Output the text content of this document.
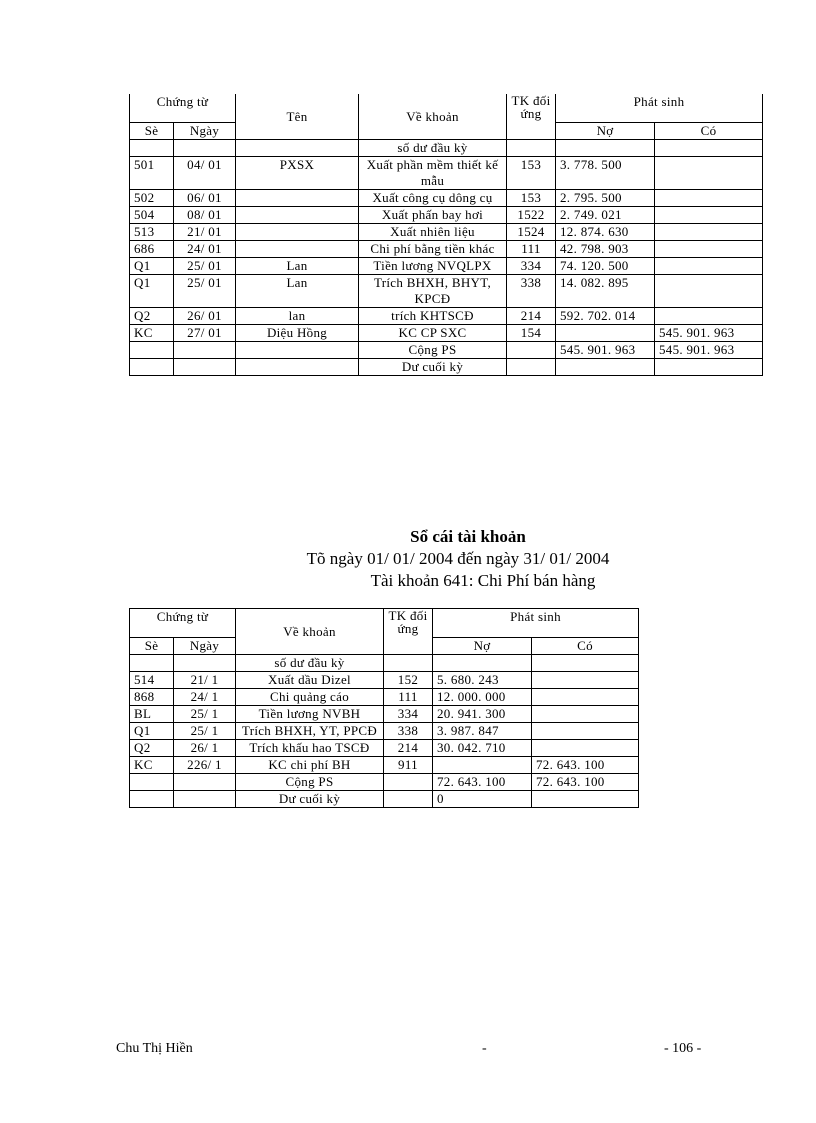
Chứng từ		Tên	Về khoản	TK đối ứng	Phát sinh	
Sè	Ngày				Nợ	Có
			số dư đầu kỳ			
501	04/ 01	PXSX	Xuất phần mềm thiết kế mẫu	153	3. 778. 500	
502	06/ 01		Xuất công cụ dông cụ	153	2. 795. 500	
504	08/ 01		Xuất phấn bay hơi	1522	2. 749. 021	
513	21/ 01		Xuất nhiên liệu	1524	12. 874. 630	
686	24/ 01		Chi phí bằng tiền khác	111	42. 798. 903	
Q1	25/ 01	Lan	Tiền lương NVQLPX	334	74. 120. 500	
Q1	25/ 01	Lan	Trích BHXH, BHYT, KPCĐ	338	14. 082. 895	
Q2	26/ 01	lan	trích KHTSCĐ	214	592. 702. 014	
KC	27/ 01	Diệu Hồng	KC CP SXC	154		545. 901. 963
			Cộng PS		545. 901. 963	545. 901. 963
			Dư cuối kỳ			
Sổ cái tài khoản
Tõ ngày 01/ 01/ 2004 đến ngày 31/ 01/ 2004
Tài khoản 641: Chi Phí bán hàng
Chứng từ		Về khoản	TK đối ứng	Phát sinh	
Sè	Ngày			Nợ	Có
		số dư đầu kỳ			
514	21/ 1	Xuất dầu Dizel	152	5. 680. 243	
868	24/ 1	Chi quảng cáo	111	12. 000. 000	
BL	25/ 1	Tiền lương NVBH	334	20. 941. 300	
Q1	25/ 1	Trích BHXH, YT, PPCĐ	338	3. 987. 847	
Q2	26/ 1	Trích khấu hao TSCĐ	214	30. 042. 710	
KC	226/ 1	KC chi phí BH	911		72. 643. 100
		Cộng PS		72. 643. 100	72. 643. 100
		Dư cuối kỳ		0	
Chu Thị Hiền	-	- 106 -
